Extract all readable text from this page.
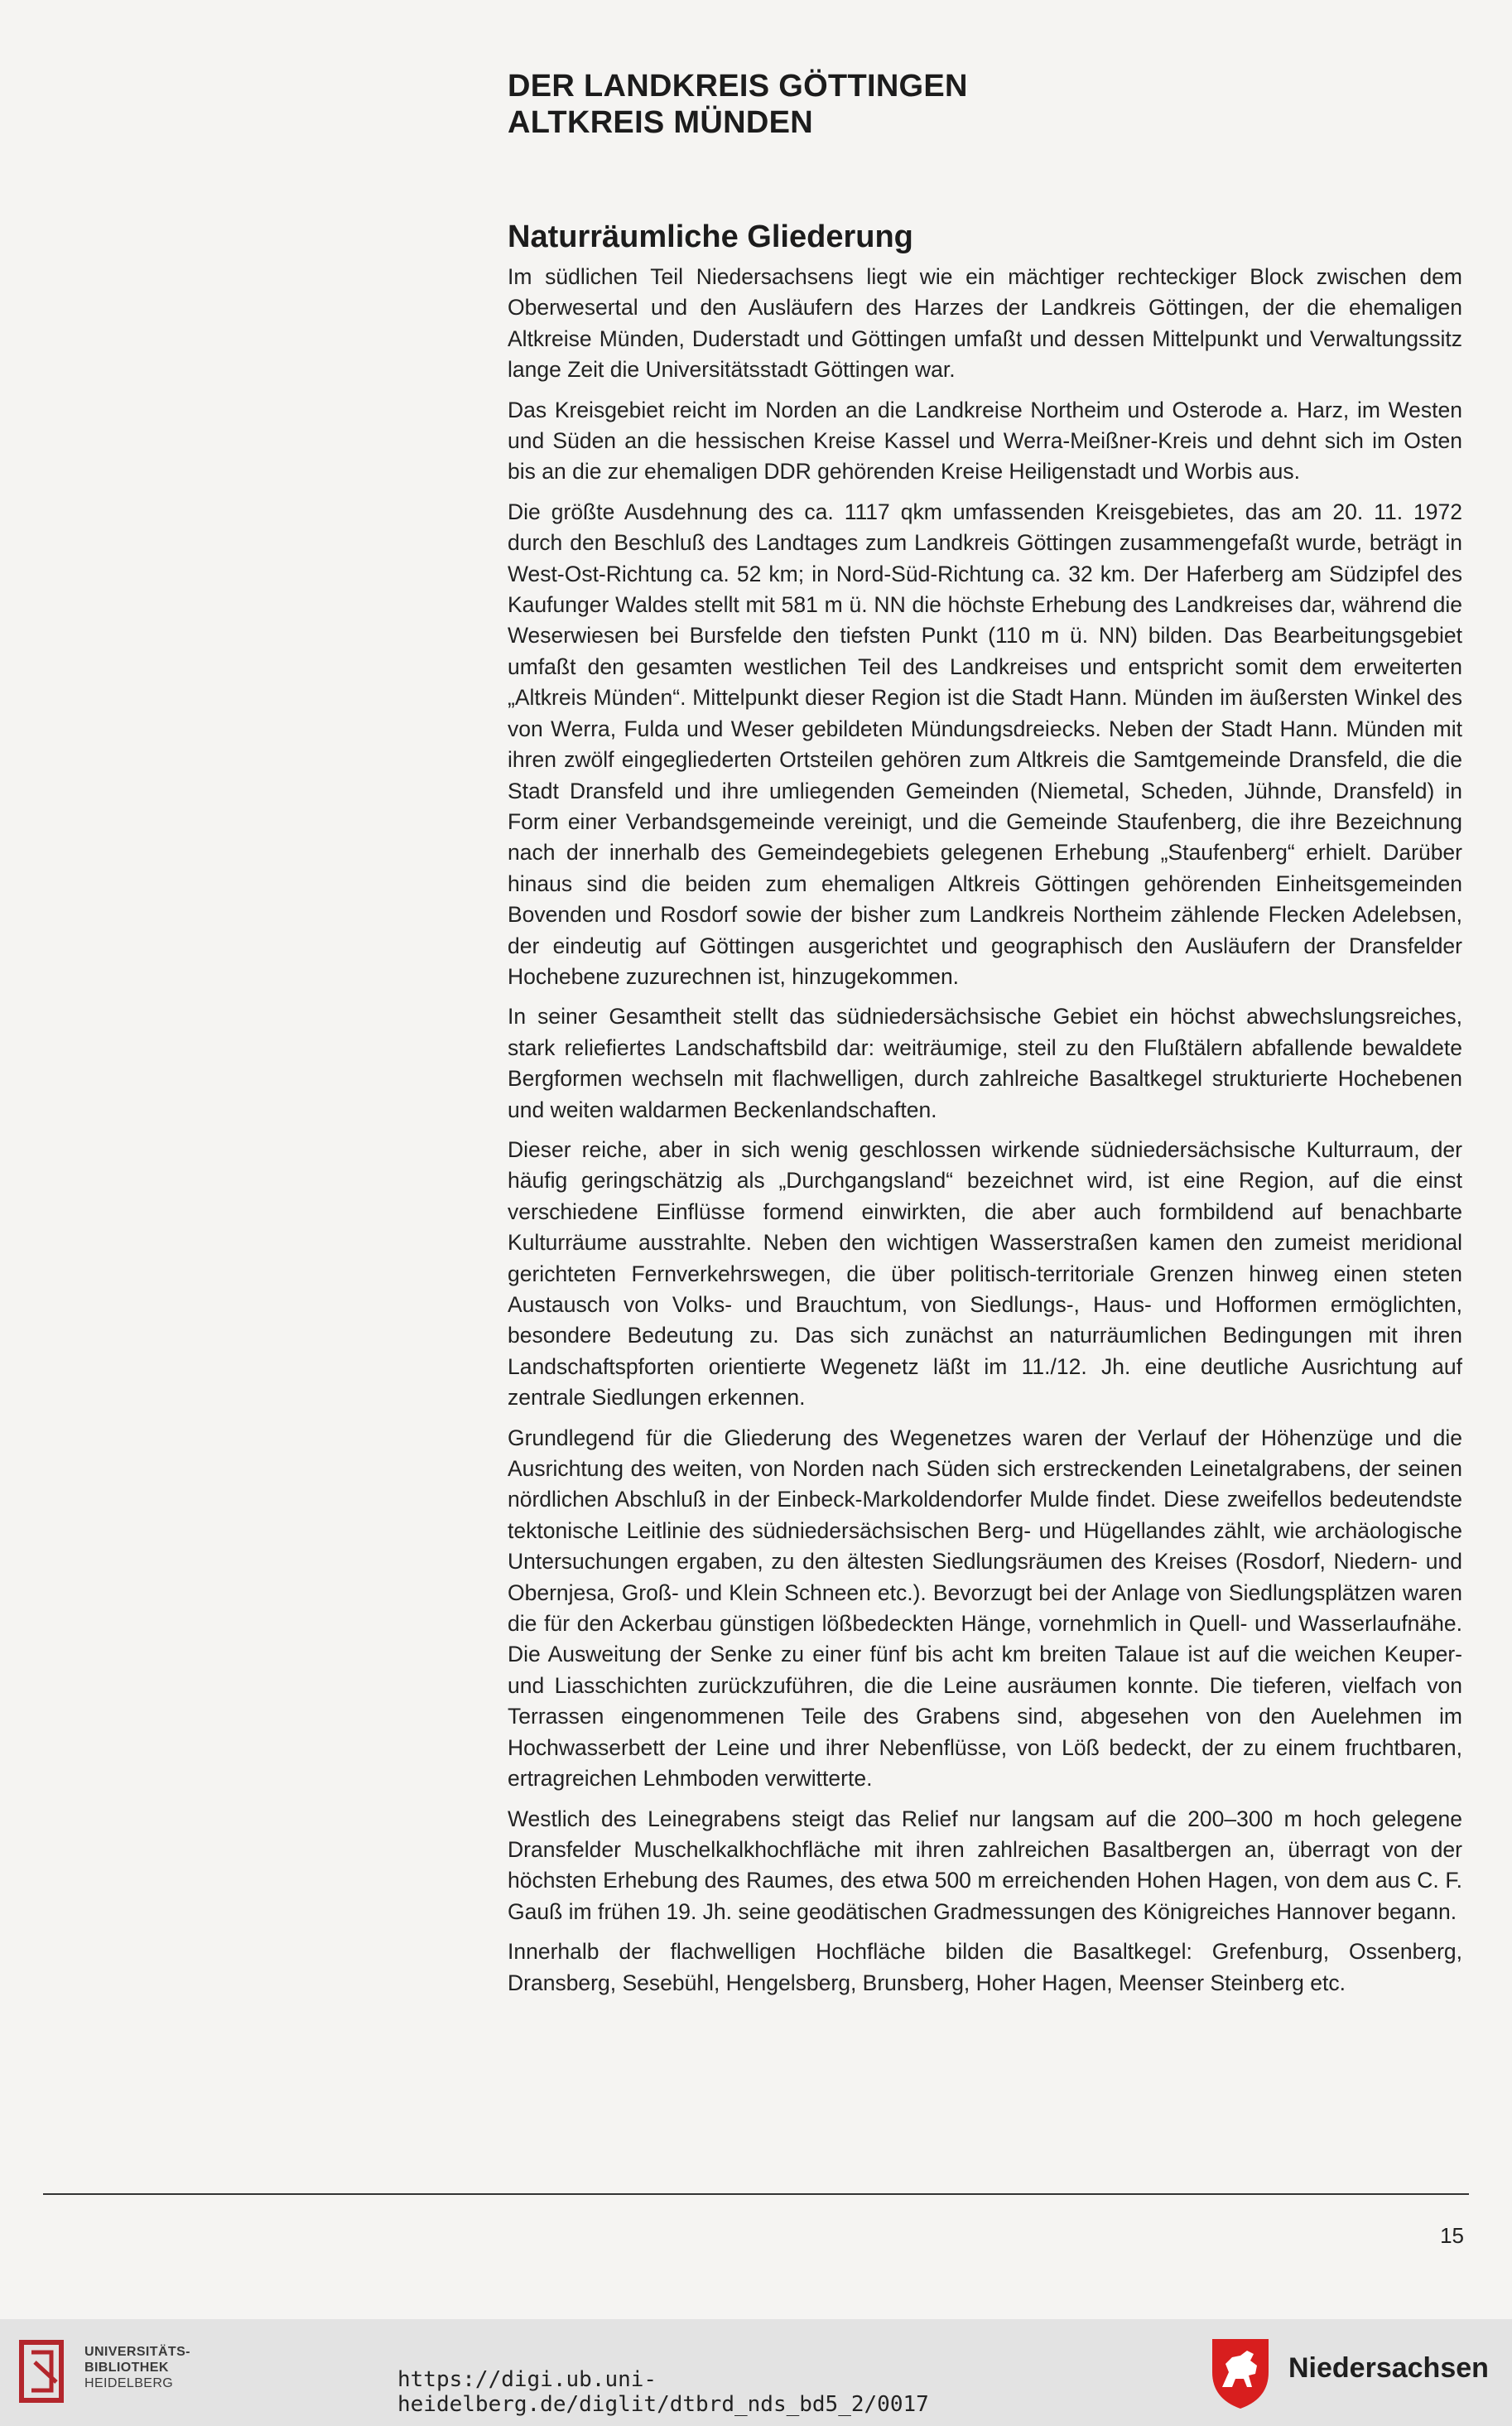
DER LANDKREIS GÖTTINGEN
ALTKREIS MÜNDEN
Naturräumliche Gliederung

Im südlichen Teil Niedersachsens liegt wie ein mächtiger rechteckiger Block zwischen dem Oberwesertal und den Ausläufern des Harzes der Landkreis Göttingen, der die ehemaligen Altkreise Münden, Duderstadt und Göttingen umfaßt und dessen Mittelpunkt und Verwaltungssitz lange Zeit die Universitätsstadt Göttingen war.

Das Kreisgebiet reicht im Norden an die Landkreise Northeim und Osterode a. Harz, im Westen und Süden an die hessischen Kreise Kassel und Werra-Meißner-Kreis und dehnt sich im Osten bis an die zur ehemaligen DDR gehörenden Kreise Heiligenstadt und Worbis aus.

Die größte Ausdehnung des ca. 1117 qkm umfassenden Kreisgebietes, das am 20. 11. 1972 durch den Beschluß des Landtages zum Landkreis Göttingen zusammengefaßt wurde, beträgt in West-Ost-Richtung ca. 52 km; in Nord-Süd-Richtung ca. 32 km. Der Haferberg am Südzipfel des Kaufunger Waldes stellt mit 581 m ü. NN die höchste Erhebung des Landkreises dar, während die Weserwiesen bei Bursfelde den tiefsten Punkt (110 m ü. NN) bilden. Das Bearbeitungsgebiet umfaßt den gesamten westlichen Teil des Landkreises und entspricht somit dem erweiterten „Altkreis Münden“. Mittelpunkt dieser Region ist die Stadt Hann. Münden im äußersten Winkel des von Werra, Fulda und Weser gebildeten Mündungsdreiecks. Neben der Stadt Hann. Münden mit ihren zwölf eingegliederten Ortsteilen gehören zum Altkreis die Samtgemeinde Dransfeld, die die Stadt Dransfeld und ihre umliegenden Gemeinden (Niemetal, Scheden, Jühnde, Dransfeld) in Form einer Verbandsgemeinde vereinigt, und die Gemeinde Staufenberg, die ihre Bezeichnung nach der innerhalb des Gemeindegebiets gelegenen Erhebung „Staufenberg“ erhielt. Darüber hinaus sind die beiden zum ehemaligen Altkreis Göttingen gehörenden Einheitsgemeinden Bovenden und Rosdorf sowie der bisher zum Landkreis Northeim zählende Flecken Adelebsen, der eindeutig auf Göttingen ausgerichtet und geographisch den Ausläufern der Dransfelder Hochebene zuzurechnen ist, hinzugekommen.

In seiner Gesamtheit stellt das südniedersächsische Gebiet ein höchst abwechslungsreiches, stark reliefiertes Landschaftsbild dar: weiträumige, steil zu den Flußtälern abfallende bewaldete Bergformen wechseln mit flachwelligen, durch zahlreiche Basaltkegel strukturierte Hochebenen und weiten waldarmen Beckenlandschaften.

Dieser reiche, aber in sich wenig geschlossen wirkende südniedersächsische Kulturraum, der häufig geringschätzig als „Durchgangsland“ bezeichnet wird, ist eine Region, auf die einst verschiedene Einflüsse formend einwirkten, die aber auch formbildend auf benachbarte Kulturräume ausstrahlte. Neben den wichtigen Wasserstraßen kamen den zumeist meridional gerichteten Fernverkehrswegen, die über politisch-territoriale Grenzen hinweg einen steten Austausch von Volks- und Brauchtum, von Siedlungs-, Haus- und Hofformen ermöglichten, besondere Bedeutung zu. Das sich zunächst an naturräumlichen Bedingungen mit ihren Landschaftspforten orientierte Wegenetz läßt im 11./12. Jh. eine deutliche Ausrichtung auf zentrale Siedlungen erkennen.

Grundlegend für die Gliederung des Wegenetzes waren der Verlauf der Höhenzüge und die Ausrichtung des weiten, von Norden nach Süden sich erstreckenden Leinetalgrabens, der seinen nördlichen Abschluß in der Einbeck-Markoldendorfer Mulde findet. Diese zweifellos bedeutendste tektonische Leitlinie des südniedersächsischen Berg- und Hügellandes zählt, wie archäologische Untersuchungen ergaben, zu den ältesten Siedlungsräumen des Kreises (Rosdorf, Niedern- und Obernjesa, Groß- und Klein Schneen etc.). Bevorzugt bei der Anlage von Siedlungsplätzen waren die für den Ackerbau günstigen lößbedeckten Hänge, vornehmlich in Quell- und Wasserlaufnähe. Die Ausweitung der Senke zu einer fünf bis acht km breiten Talaue ist auf die weichen Keuper- und Liasschichten zurückzuführen, die die Leine ausräumen konnte. Die tieferen, vielfach von Terrassen eingenommenen Teile des Grabens sind, abgesehen von den Auelehmen im Hochwasserbett der Leine und ihrer Nebenflüsse, von Löß bedeckt, der zu einem fruchtbaren, ertragreichen Lehmboden verwitterte.

Westlich des Leinegrabens steigt das Relief nur langsam auf die 200–300 m hoch gelegene Dransfelder Muschelkalkhochfläche mit ihren zahlreichen Basaltbergen an, überragt von der höchsten Erhebung des Raumes, des etwa 500 m erreichenden Hohen Hagen, von dem aus C. F. Gauß im frühen 19. Jh. seine geodätischen Gradmessungen des Königreiches Hannover begann.

Innerhalb der flachwelligen Hochfläche bilden die Basaltkegel: Grefenburg, Ossenberg, Dransberg, Sesebühl, Hengelsberg, Brunsberg, Hoher Hagen, Meenser Steinberg etc.

15
UNIVERSITÄTS-
BIBLIOTHEK
HEIDELBERG	https://digi.ub.uni-heidelberg.de/diglit/dtbrd_nds_bd5_2/0017
Niedersachsen
